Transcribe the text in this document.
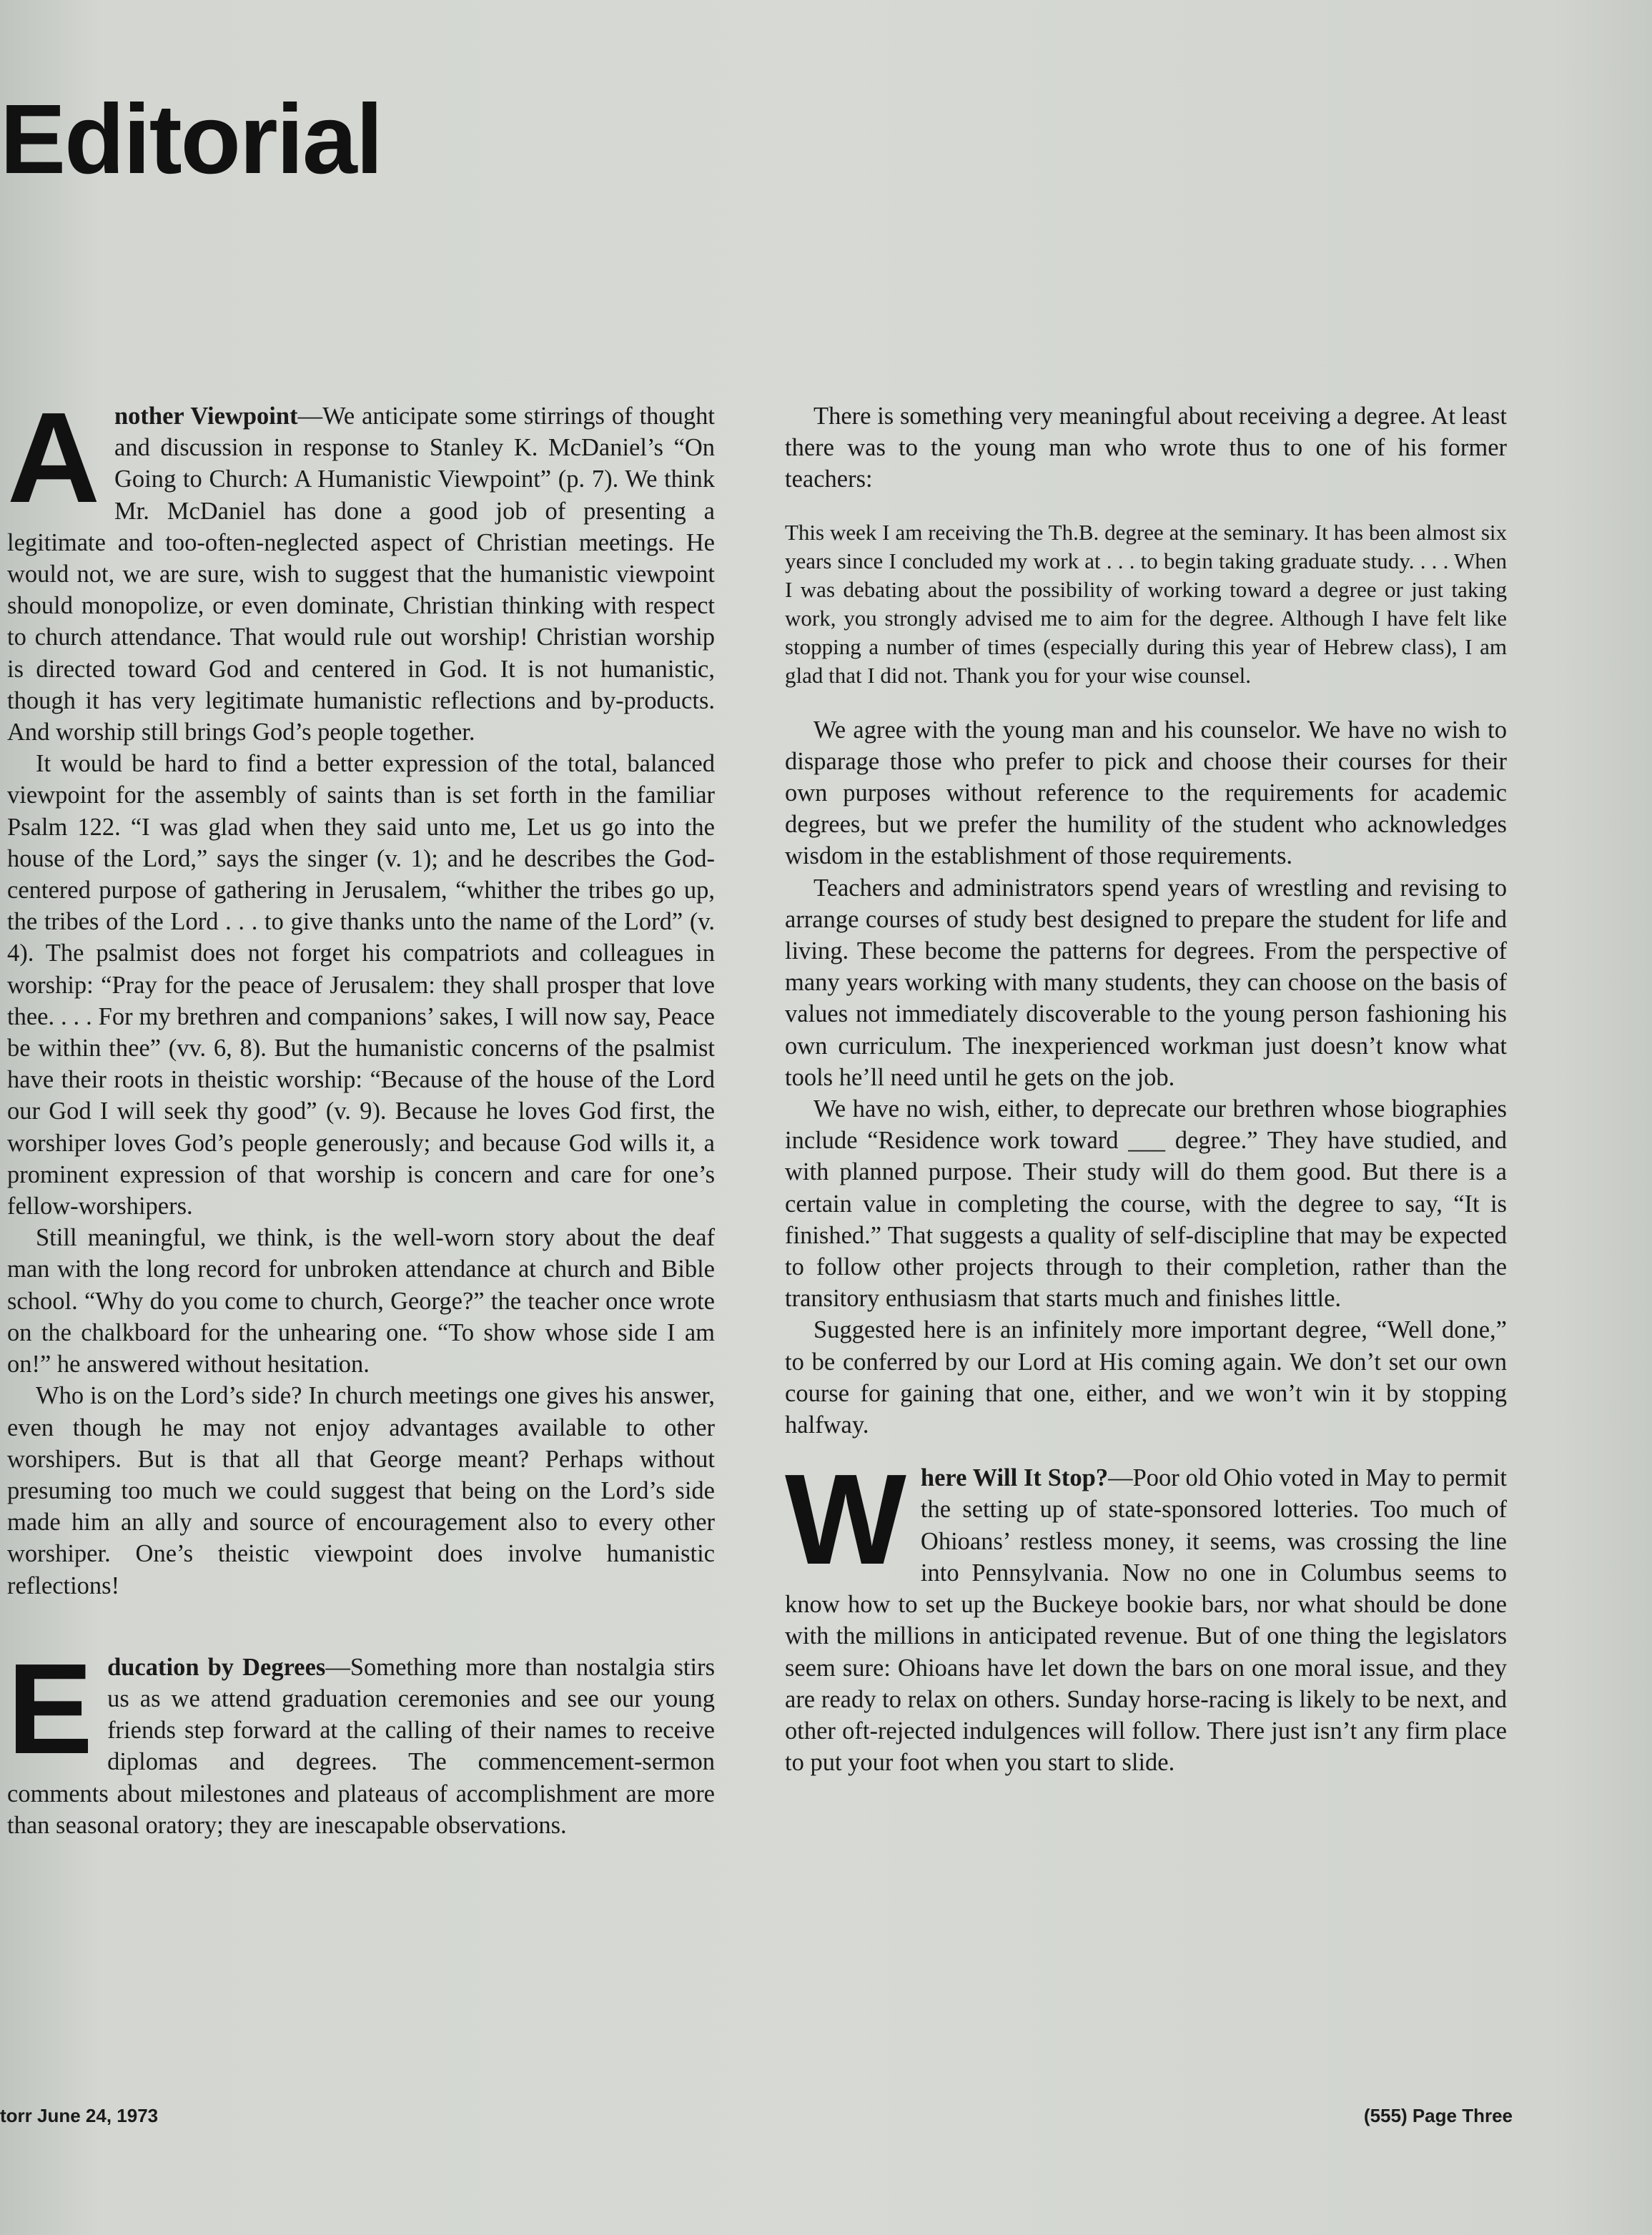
Editorial

Another Viewpoint—We anticipate some stirrings of thought and discussion in response to Stanley K. McDaniel’s “On Going to Church: A Humanistic Viewpoint” (p. 7). We think Mr. McDaniel has done a good job of presenting a legitimate and too-often-neglected aspect of Christian meetings. He would not, we are sure, wish to suggest that the humanistic viewpoint should monopolize, or even dominate, Christian thinking with respect to church attendance. That would rule out worship! Christian worship is directed toward God and centered in God. It is not humanistic, though it has very legitimate humanistic reflections and by-products. And worship still brings God’s people together.

It would be hard to find a better expression of the total, balanced viewpoint for the assembly of saints than is set forth in the familiar Psalm 122. “I was glad when they said unto me, Let us go into the house of the Lord,” says the singer (v. 1); and he describes the God-centered purpose of gathering in Jerusalem, “whither the tribes go up, the tribes of the Lord . . . to give thanks unto the name of the Lord” (v. 4). The psalmist does not forget his compatriots and colleagues in worship: “Pray for the peace of Jerusalem: they shall prosper that love thee. . . . For my brethren and companions’ sakes, I will now say, Peace be within thee” (vv. 6, 8). But the humanistic concerns of the psalmist have their roots in theistic worship: “Because of the house of the Lord our God I will seek thy good” (v. 9). Because he loves God first, the worshiper loves God’s people generously; and because God wills it, a prominent expression of that worship is concern and care for one’s fellow-worshipers.

Still meaningful, we think, is the well-worn story about the deaf man with the long record for unbroken attendance at church and Bible school. “Why do you come to church, George?” the teacher once wrote on the chalkboard for the unhearing one. “To show whose side I am on!” he answered without hesitation.

Who is on the Lord’s side? In church meetings one gives his answer, even though he may not enjoy advantages available to other worshipers. But is that all that George meant? Perhaps without presuming too much we could suggest that being on the Lord’s side made him an ally and source of encouragement also to every other worshiper. One’s theistic viewpoint does involve humanistic reflections!

Education by Degrees—Something more than nostalgia stirs us as we attend graduation ceremonies and see our young friends step forward at the calling of their names to receive diplomas and degrees. The commencement-sermon comments about milestones and plateaus of accomplishment are more than seasonal oratory; they are inescapable observations.

There is something very meaningful about receiving a degree. At least there was to the young man who wrote thus to one of his former teachers:

This week I am receiving the Th.B. degree at the seminary. It has been almost six years since I concluded my work at . . . to begin taking graduate study. . . . When I was debating about the possibility of working toward a degree or just taking work, you strongly advised me to aim for the degree. Although I have felt like stopping a number of times (especially during this year of Hebrew class), I am glad that I did not. Thank you for your wise counsel.

We agree with the young man and his counselor. We have no wish to disparage those who prefer to pick and choose their courses for their own purposes without reference to the requirements for academic degrees, but we prefer the humility of the student who acknowledges wisdom in the establishment of those requirements.

Teachers and administrators spend years of wrestling and revising to arrange courses of study best designed to prepare the student for life and living. These become the patterns for degrees. From the perspective of many years working with many students, they can choose on the basis of values not immediately discoverable to the young person fashioning his own curriculum. The inexperienced workman just doesn’t know what tools he’ll need until he gets on the job.

We have no wish, either, to deprecate our brethren whose biographies include “Residence work toward ___ degree.” They have studied, and with planned purpose. Their study will do them good. But there is a certain value in completing the course, with the degree to say, “It is finished.” That suggests a quality of self-discipline that may be expected to follow other projects through to their completion, rather than the transitory enthusiasm that starts much and finishes little.

Suggested here is an infinitely more important degree, “Well done,” to be conferred by our Lord at His coming again. We don’t set our own course for gaining that one, either, and we won’t win it by stopping halfway.

Where Will It Stop?—Poor old Ohio voted in May to permit the setting up of state-sponsored lotteries. Too much of Ohioans’ restless money, it seems, was crossing the line into Pennsylvania. Now no one in Columbus seems to know how to set up the Buckeye bookie bars, nor what should be done with the millions in anticipated revenue. But of one thing the legislators seem sure: Ohioans have let down the bars on one moral issue, and they are ready to relax on others. Sunday horse-racing is likely to be next, and other oft-rejected indulgences will follow. There just isn’t any firm place to put your foot when you start to slide.

torr June 24, 1973	(555) Page Three
